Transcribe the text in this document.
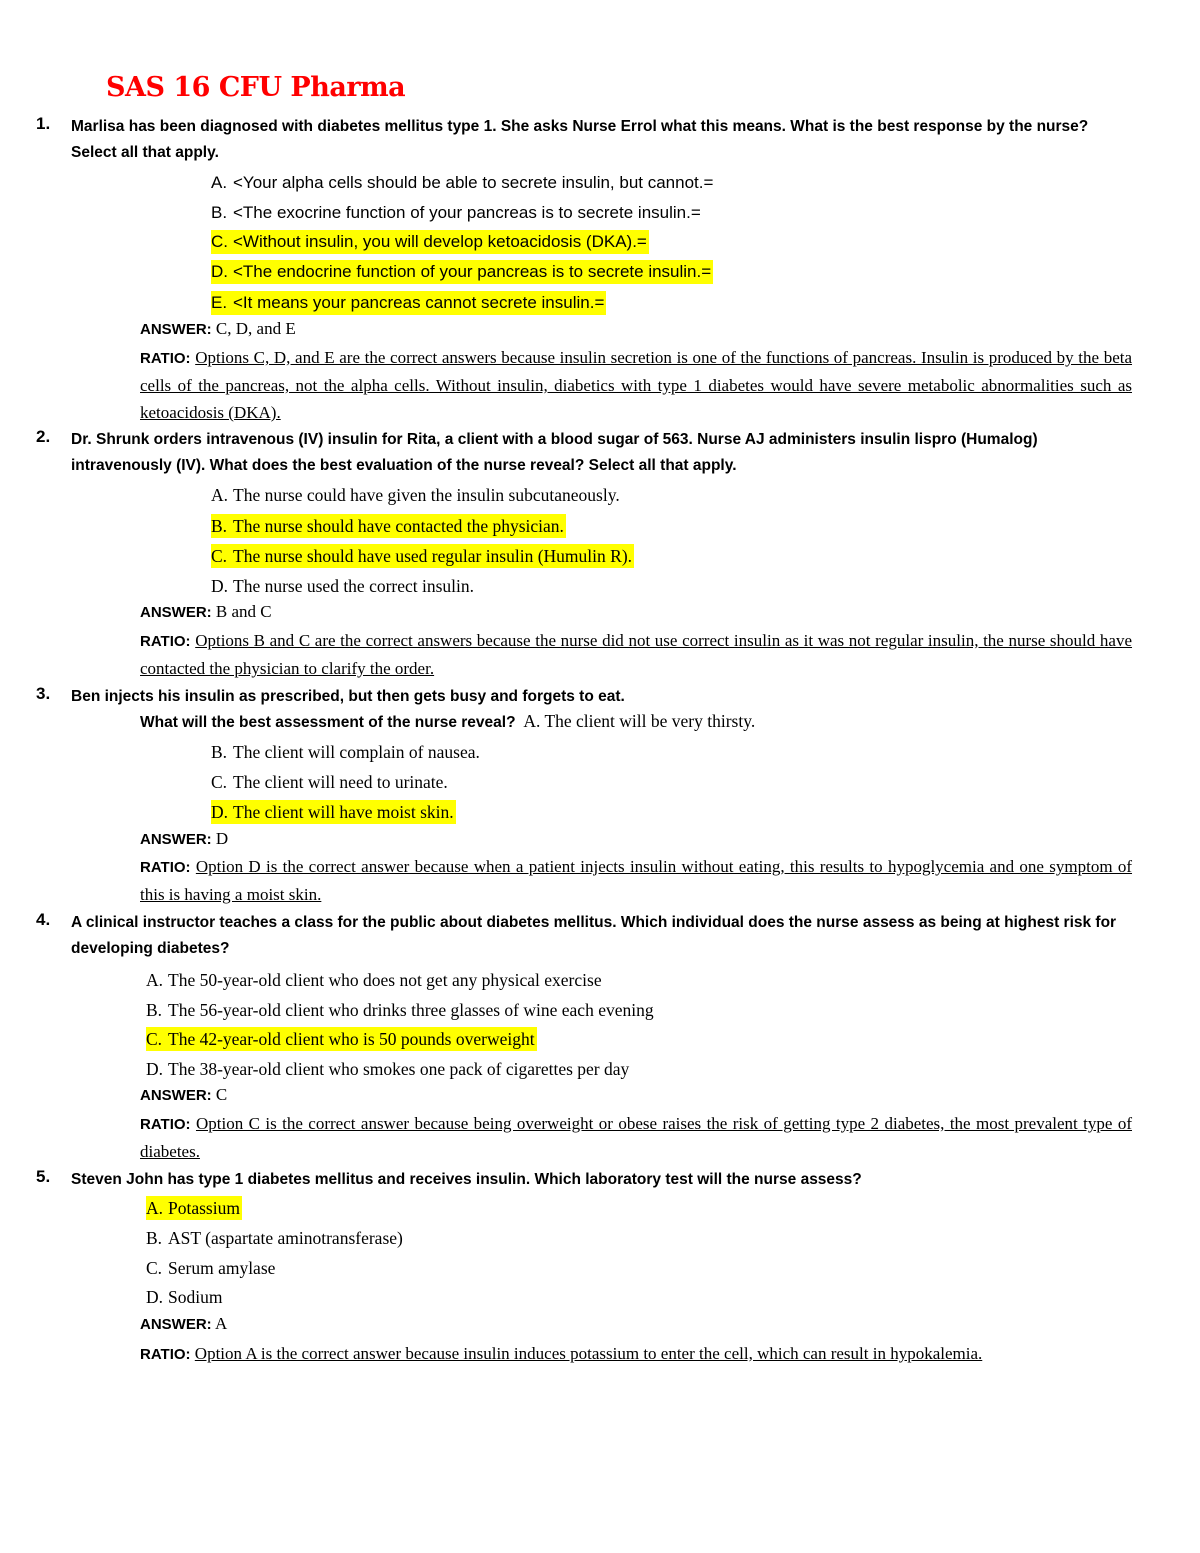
SAS 16 CFU Pharma
1. Marlisa has been diagnosed with diabetes mellitus type 1. She asks Nurse Errol what this means. What is the best response by the nurse? Select all that apply.

A. <Your alpha cells should be able to secrete insulin, but cannot.=
B. <The exocrine function of your pancreas is to secrete insulin.=
C. <Without insulin, you will develop ketoacidosis (DKA).=
D. <The endocrine function of your pancreas is to secrete insulin.=
E. <It means your pancreas cannot secrete insulin.=
ANSWER: C, D, and E

RATIO: Options C, D, and E are the correct answers because insulin secretion is one of the functions of pancreas. Insulin is produced by the beta cells of the pancreas, not the alpha cells. Without insulin, diabetics with type 1 diabetes would have severe metabolic abnormalities such as ketoacidosis (DKA).

2. Dr. Shrunk orders intravenous (IV) insulin for Rita, a client with a blood sugar of 563. Nurse AJ administers insulin lispro (Humalog) intravenously (IV). What does the best evaluation of the nurse reveal? Select all that apply.

A. The nurse could have given the insulin subcutaneously.
B. The nurse should have contacted the physician.
C. The nurse should have used regular insulin (Humulin R).
D. The nurse used the correct insulin.
ANSWER: B and C

RATIO: Options B and C are the correct answers because the nurse did not use correct insulin as it was not regular insulin, the nurse should have contacted the physician to clarify the order.

3. Ben injects his insulin as prescribed, but then gets busy and forgets to eat.

What will the best assessment of the nurse reveal? A. The client will be very thirsty.
B. The client will complain of nausea.
C. The client will need to urinate.
D. The client will have moist skin.
ANSWER: D

RATIO: Option D is the correct answer because when a patient injects insulin without eating, this results to hypoglycemia and one symptom of this is having a moist skin.

4. A clinical instructor teaches a class for the public about diabetes mellitus. Which individual does the nurse assess as being at highest risk for developing diabetes?

A. The 50-year-old client who does not get any physical exercise
B. The 56-year-old client who drinks three glasses of wine each evening
C. The 42-year-old client who is 50 pounds overweight
D. The 38-year-old client who smokes one pack of cigarettes per day
ANSWER: C

RATIO: Option C is the correct answer because being overweight or obese raises the risk of getting type 2 diabetes, the most prevalent type of diabetes.

5. Steven John has type 1 diabetes mellitus and receives insulin. Which laboratory test will the nurse assess?

A. Potassium
B. AST (aspartate aminotransferase)
C. Serum amylase
D. Sodium
ANSWER: A

RATIO: Option A is the correct answer because insulin induces potassium to enter the cell, which can result in hypokalemia.
